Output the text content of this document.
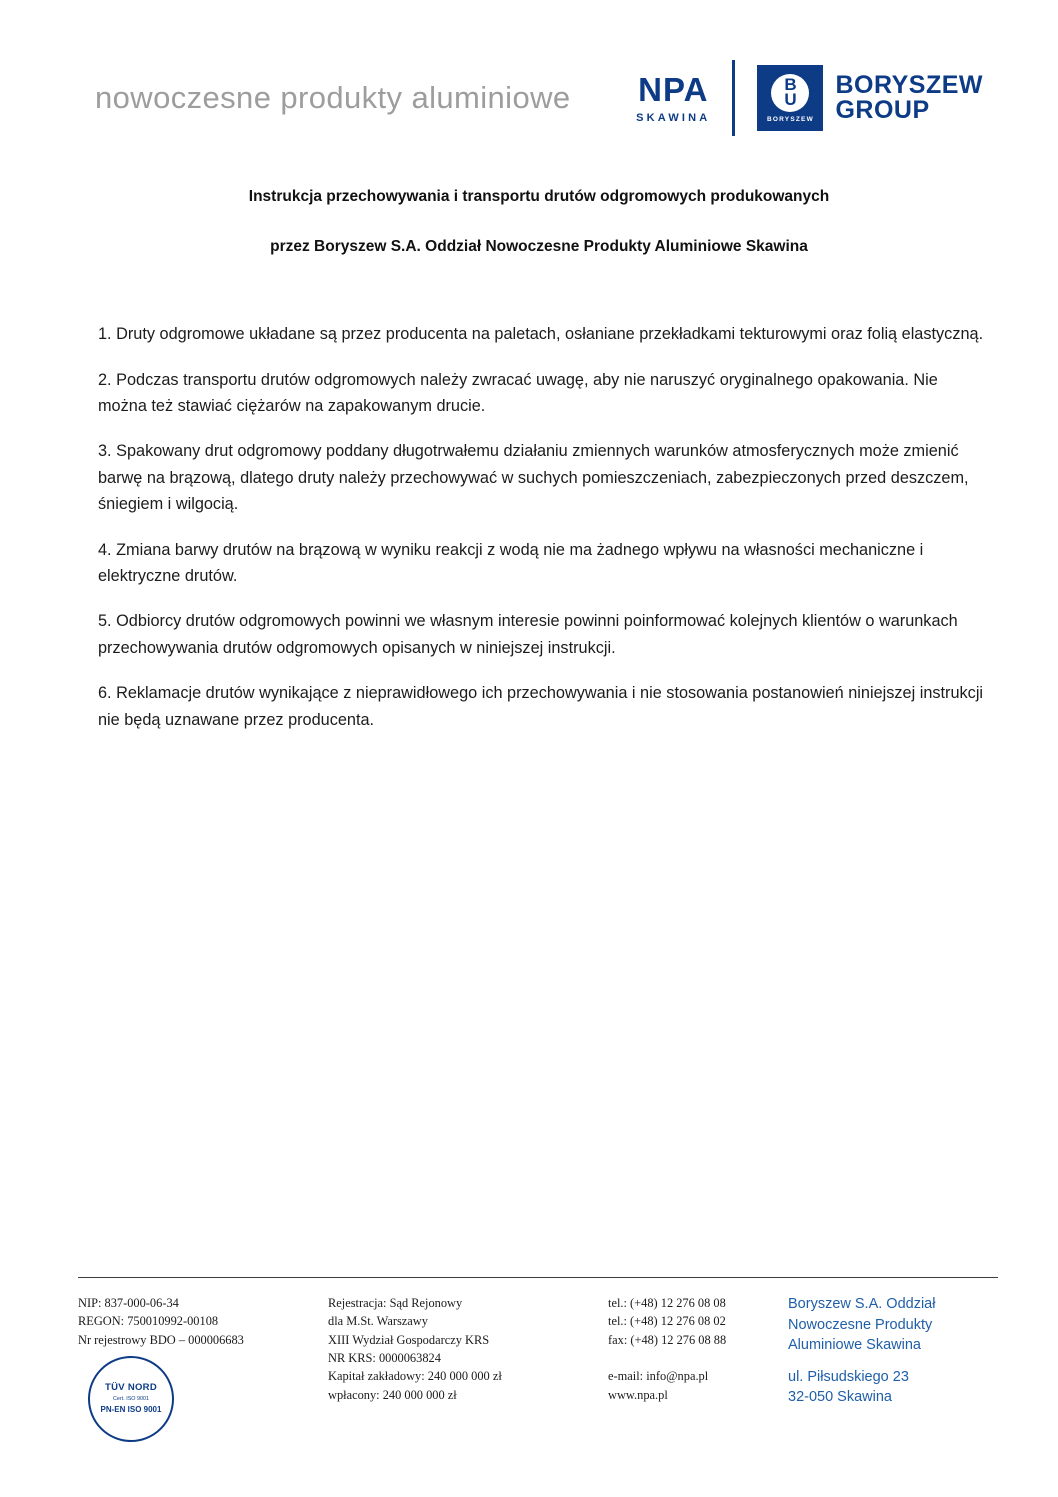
nowoczesne produkty aluminiowe	NPA
SKAWINA
B
U
BORYSZEW
BORYSZEW
GROUP
Instrukcja przechowywania i transportu drutów odgromowych produkowanych
przez Boryszew S.A. Oddział Nowoczesne Produkty Aluminiowe Skawina

1. Druty odgromowe układane są przez producenta na paletach, osłaniane przekładkami tekturowymi oraz folią elastyczną.

2. Podczas transportu drutów odgromowych należy zwracać uwagę, aby nie naruszyć oryginalnego opakowania. Nie można też stawiać ciężarów na zapakowanym drucie.

3. Spakowany drut odgromowy poddany długotrwałemu działaniu zmiennych warunków atmosferycznych może zmienić barwę na brązową, dlatego druty należy przechowywać w suchych pomieszczeniach, zabezpieczonych przed deszczem, śniegiem i wilgocią.

4. Zmiana barwy drutów na brązową w wyniku reakcji z wodą nie ma żadnego wpływu na własności mechaniczne i elektryczne drutów.

5. Odbiorcy drutów odgromowych powinni we własnym interesie powinni poinformować kolejnych klientów o warunkach przechowywania drutów odgromowych opisanych w niniejszej instrukcji.

6. Reklamacje drutów wynikające z nieprawidłowego ich przechowywania i nie stosowania postanowień niniejszej instrukcji nie będą uznawane przez producenta.

NIP: 837-000-06-34
REGON: 750010992-00108
Nr rejestrowy BDO – 000006683
TÜV NORD
Cert. ISO 9001
PN-EN ISO 9001
Rejestracja: Sąd Rejonowy
dla M.St. Warszawy
XIII Wydział Gospodarczy KRS
NR KRS: 0000063824
Kapitał zakładowy: 240 000 000 zł
wpłacony: 240 000 000 zł
tel.: (+48) 12 276 08 08
tel.: (+48) 12 276 08 02
fax: (+48) 12 276 08 88

e-mail: info@npa.pl
www.npa.pl
Boryszew S.A. Oddział
Nowoczesne Produkty
Aluminiowe Skawina
ul. Piłsudskiego 23
32-050 Skawina
